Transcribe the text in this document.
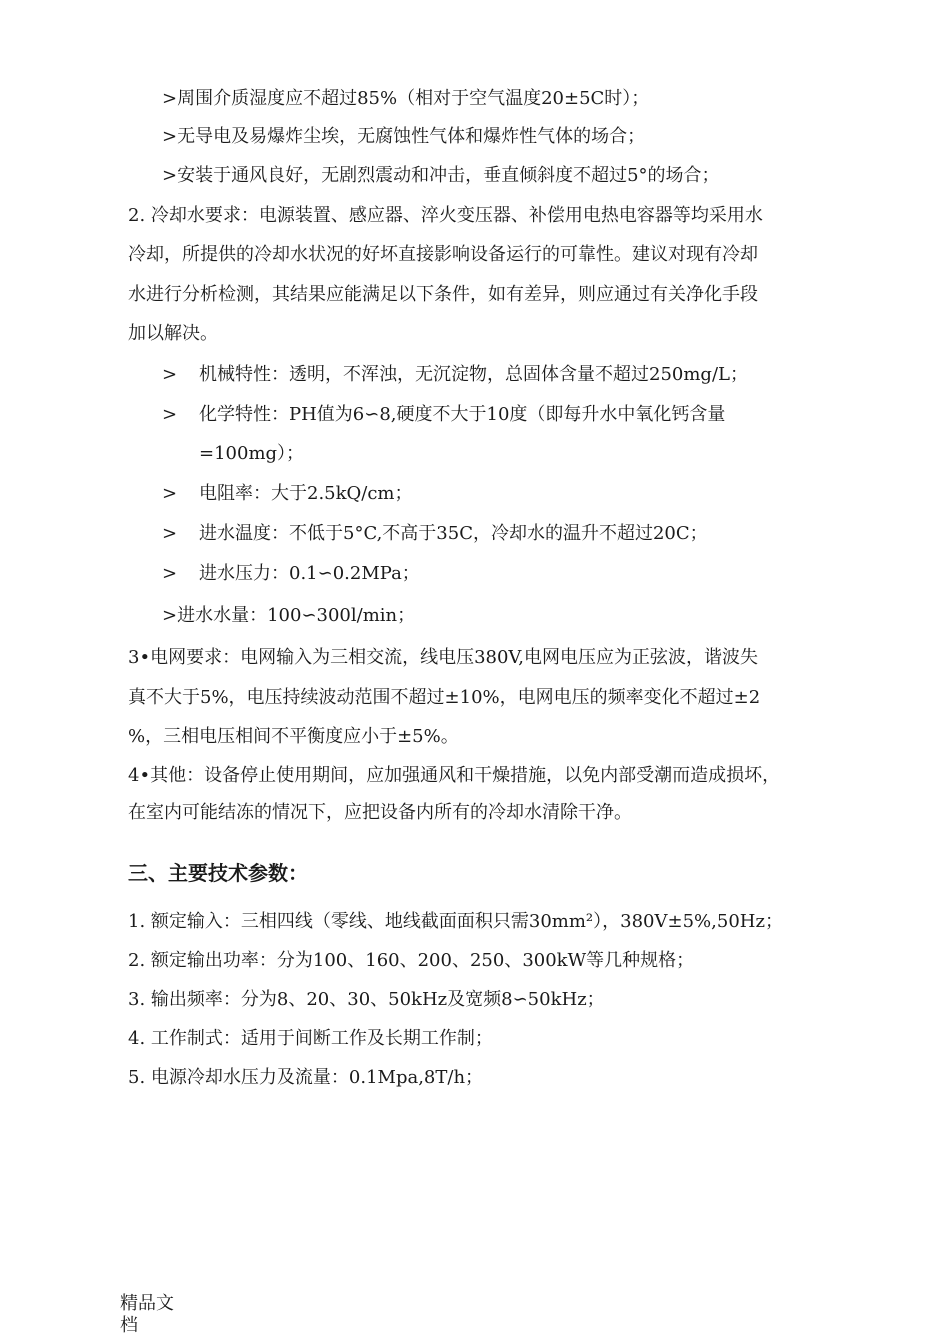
>周围介质湿度应不超过85%（相对于空气温度20±5C时）；
>无导电及易爆炸尘埃，无腐蚀性气体和爆炸性气体的场合；
>安装于通风良好，无剧烈震动和冲击，垂直倾斜度不超过5°的场合；
2. 冷却水要求：电源装置、感应器、淬火变压器、补偿用电热电容器等均采用水
冷却，所提供的冷却水状况的好坏直接影响设备运行的可靠性。建议对现有冷却
水进行分析检测，其结果应能满足以下条件，如有差异，则应通过有关净化手段
加以解决。
> 机械特性：透明，不浑浊，无沉淀物，总固体含量不超过250mg/L；
> 化学特性：PH值为6∽8,硬度不大于10度（即每升水中氧化钙含量
=100mg）；
> 电阻率：大于2.5kQ/cm；
> 进水温度：不低于5°C,不高于35C，冷却水的温升不超过20C；
> 进水压力：0.1∽0.2MPa；
>进水水量：100∽300l/min；
3•电网要求：电网输入为三相交流，线电压380V,电网电压应为正弦波，谐波失
真不大于5%，电压持续波动范围不超过±10%，电网电压的频率变化不超过±2
%，三相电压相间不平衡度应小于±5%。
4•其他：设备停止使用期间，应加强通风和干燥措施，以免内部受潮而造成损坏，
在室内可能结冻的情况下，应把设备内所有的冷却水清除干净。
三、主要技术参数：
1. 额定输入：三相四线（零线、地线截面面积只需30mm²），380V±5%,50Hz；
2. 额定输出功率：分为100、160、200、250、300kW等几种规格；
3. 输出频率：分为8、20、30、50kHz及宽频8∽50kHz；
4. 工作制式：适用于间断工作及长期工作制；
5. 电源冷却水压力及流量：0.1Mpa,8T/h；
精品文
档
